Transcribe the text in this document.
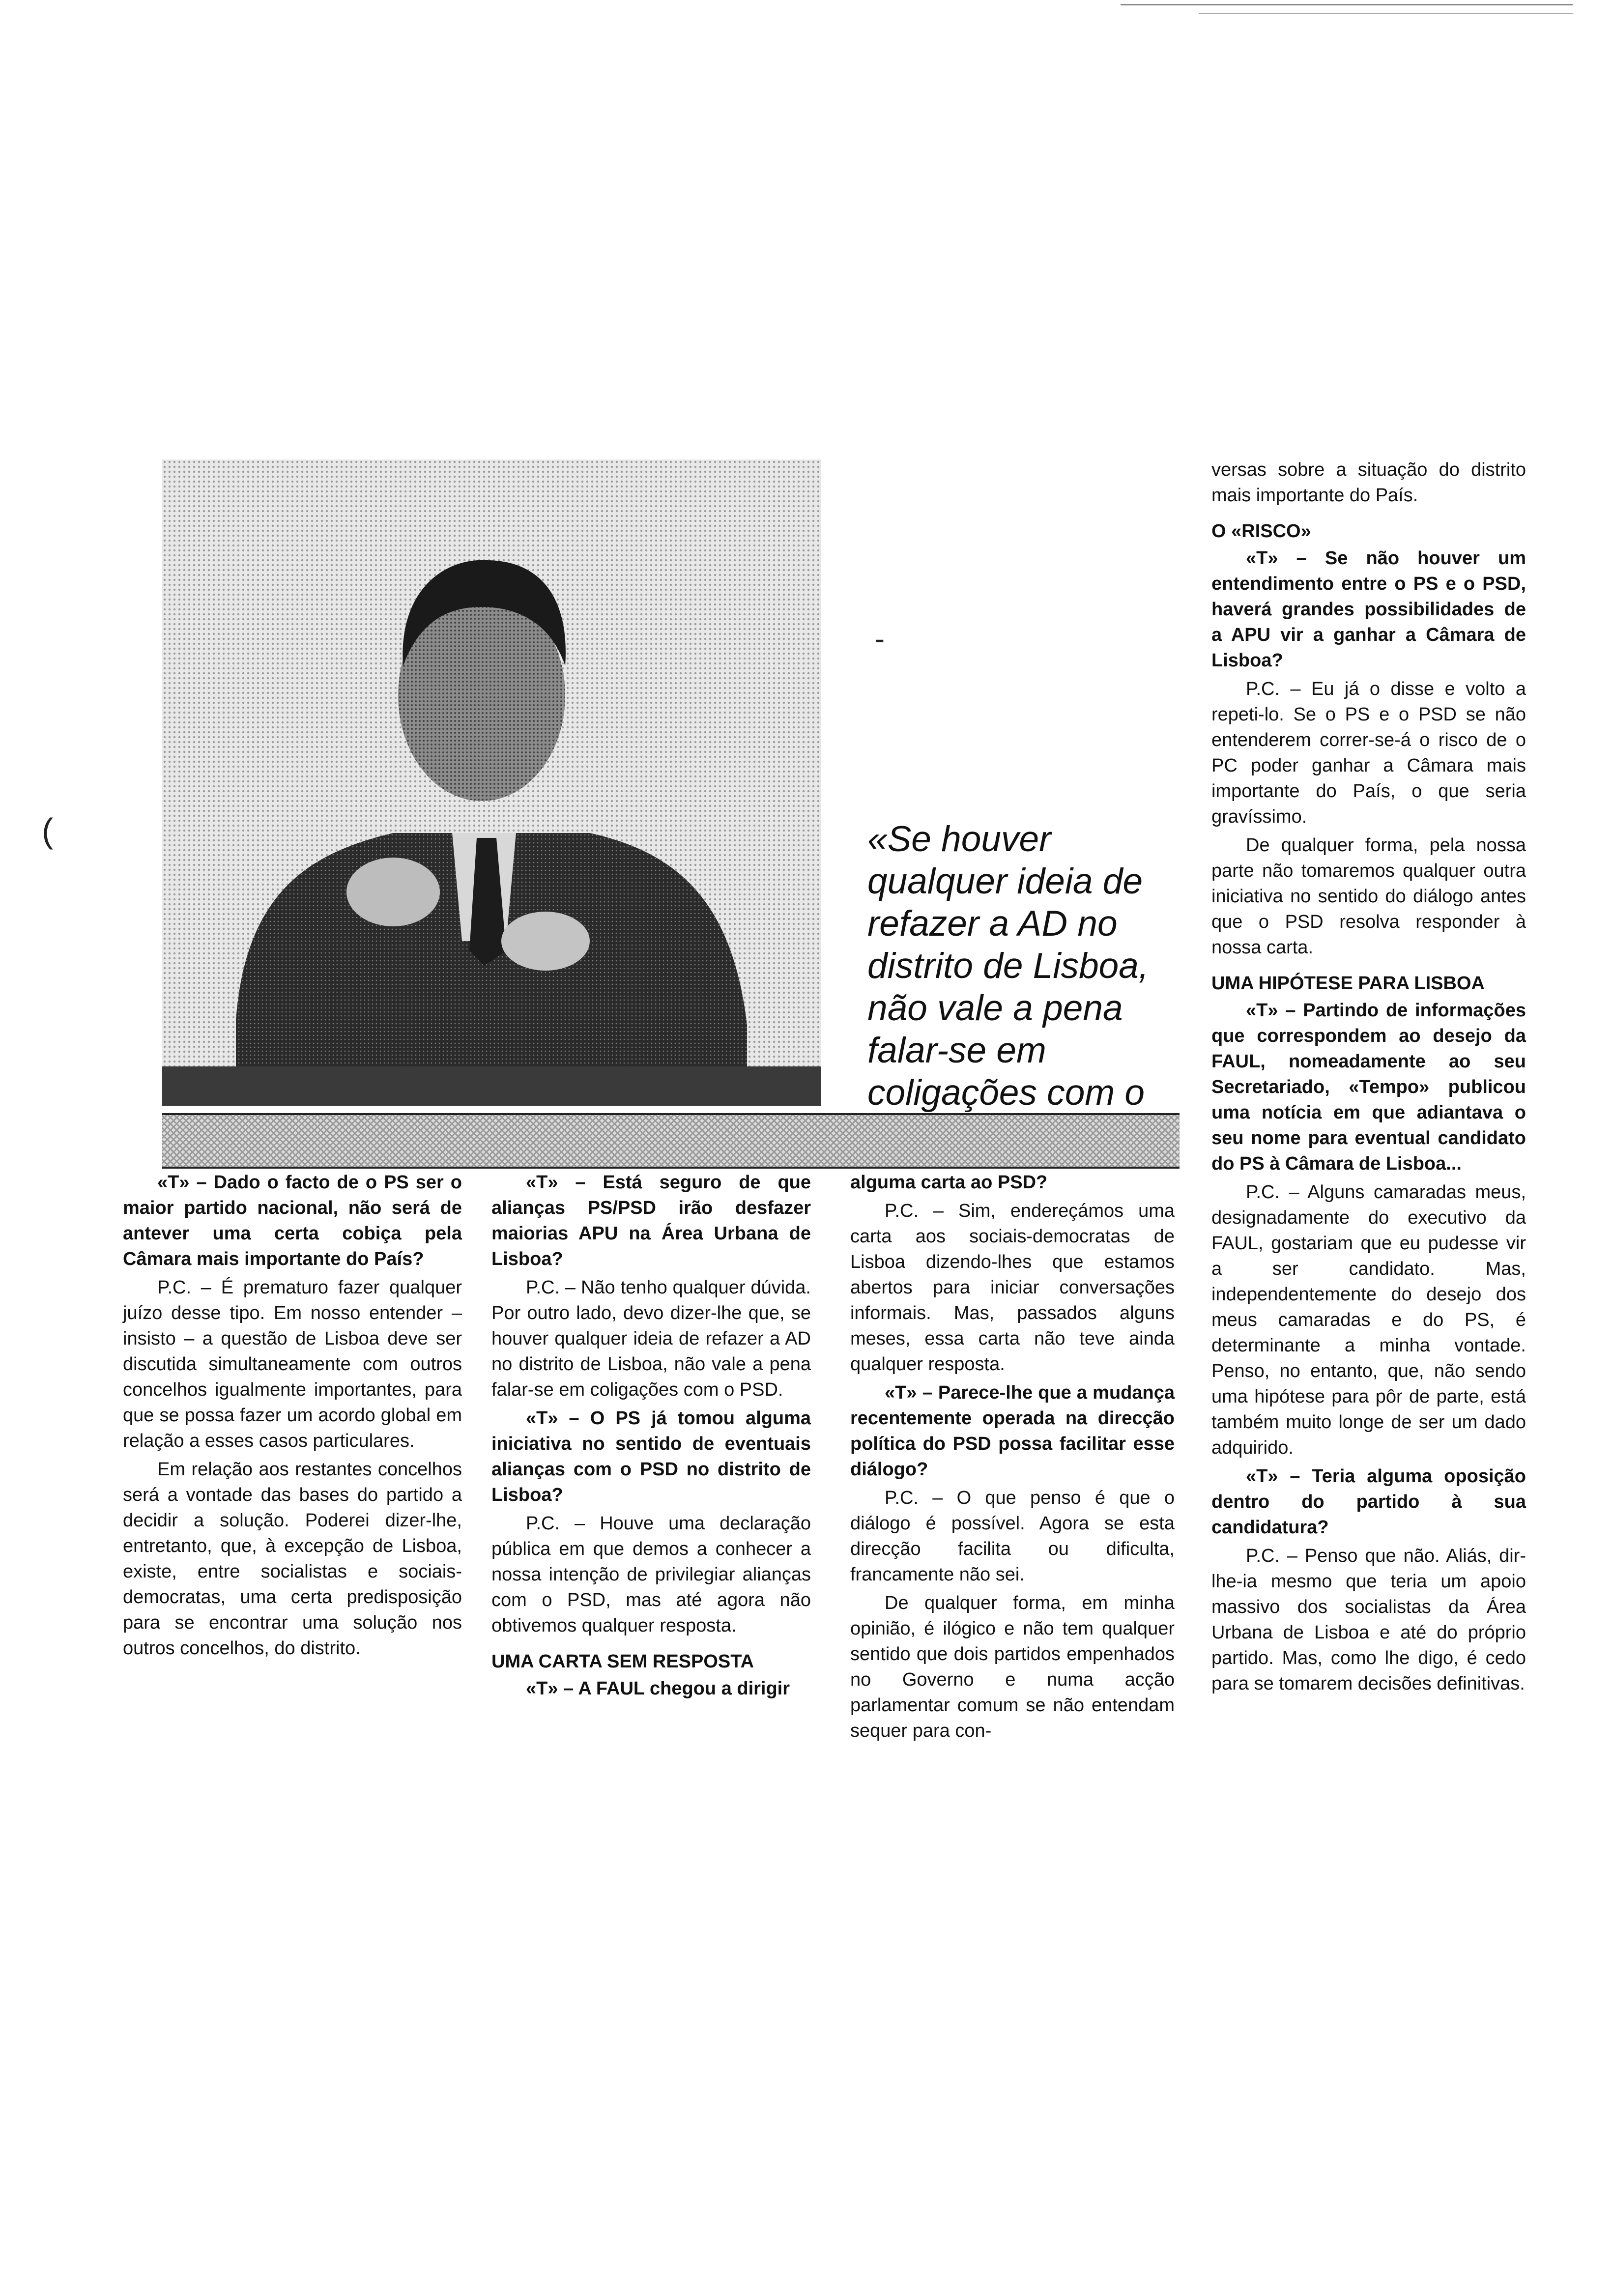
(
-
«Se houver qualquer ideia de refazer a AD no distrito de Lisboa, não vale a pena falar-se em coligações com o

versas sobre a situação do distrito mais importante do País.

O «RISCO»

«T» – Se não houver um entendimento entre o PS e o PSD, haverá grandes possibilidades de a APU vir a ganhar a Câmara de Lisboa?

P.C. – Eu já o disse e volto a repeti-lo. Se o PS e o PSD se não entenderem correr-se-á o risco de o PC poder ganhar a Câmara mais importante do País, o que seria gravíssimo.

De qualquer forma, pela nossa parte não tomaremos qualquer outra iniciativa no sentido do diálogo antes que o PSD resolva responder à nossa carta.

UMA HIPÓTESE PARA LISBOA

«T» – Partindo de informações que correspondem ao desejo da FAUL, nomeadamente ao seu Secretariado, «Tempo» publicou uma notícia em que adiantava o seu nome para eventual candidato do PS à Câmara de Lisboa...

P.C. – Alguns camaradas meus, designadamente do executivo da FAUL, gostariam que eu pudesse vir a ser candidato. Mas, independentemente do desejo dos meus camaradas e do PS, é determinante a minha vontade. Penso, no entanto, que, não sendo uma hipótese para pôr de parte, está também muito longe de ser um dado adquirido.

«T» – Teria alguma oposição dentro do partido à sua candidatura?

P.C. – Penso que não. Aliás, dir-lhe-ia mesmo que teria um apoio massivo dos socialistas da Área Urbana de Lisboa e até do próprio partido. Mas, como lhe digo, é cedo para se tomarem decisões definitivas.

«T» – Dado o facto de o PS ser o maior partido nacional, não será de antever uma certa cobiça pela Câmara mais importante do País?

P.C. – É prematuro fazer qualquer juízo desse tipo. Em nosso entender – insisto – a questão de Lisboa deve ser discutida simultaneamente com outros concelhos igualmente importantes, para que se possa fazer um acordo global em relação a esses casos particulares.

Em relação aos restantes concelhos será a vontade das bases do partido a decidir a solução. Poderei dizer-lhe, entretanto, que, à excepção de Lisboa, existe, entre socialistas e sociais-democratas, uma certa predisposição para se encontrar uma solução nos outros concelhos, do distrito.

«T» – Está seguro de que alianças PS/PSD irão desfazer maiorias APU na Área Urbana de Lisboa?

P.C. – Não tenho qualquer dúvida. Por outro lado, devo dizer-lhe que, se houver qualquer ideia de refazer a AD no distrito de Lisboa, não vale a pena falar-se em coligações com o PSD.

«T» – O PS já tomou alguma iniciativa no sentido de eventuais alianças com o PSD no distrito de Lisboa?

P.C. – Houve uma declaração pública em que demos a conhecer a nossa intenção de privilegiar alianças com o PSD, mas até agora não obtivemos qualquer resposta.

UMA CARTA SEM RESPOSTA

«T» – A FAUL chegou a dirigir

alguma carta ao PSD?

P.C. – Sim, endereçámos uma carta aos sociais-democratas de Lisboa dizendo-lhes que estamos abertos para iniciar conversações informais. Mas, passados alguns meses, essa carta não teve ainda qualquer resposta.

«T» – Parece-lhe que a mudança recentemente operada na direcção política do PSD possa facilitar esse diálogo?

P.C. – O que penso é que o diálogo é possível. Agora se esta direcção facilita ou dificulta, francamente não sei.

De qualquer forma, em minha opinião, é ilógico e não tem qualquer sentido que dois partidos empenhados no Governo e numa acção parlamentar comum se não entendam sequer para con-
